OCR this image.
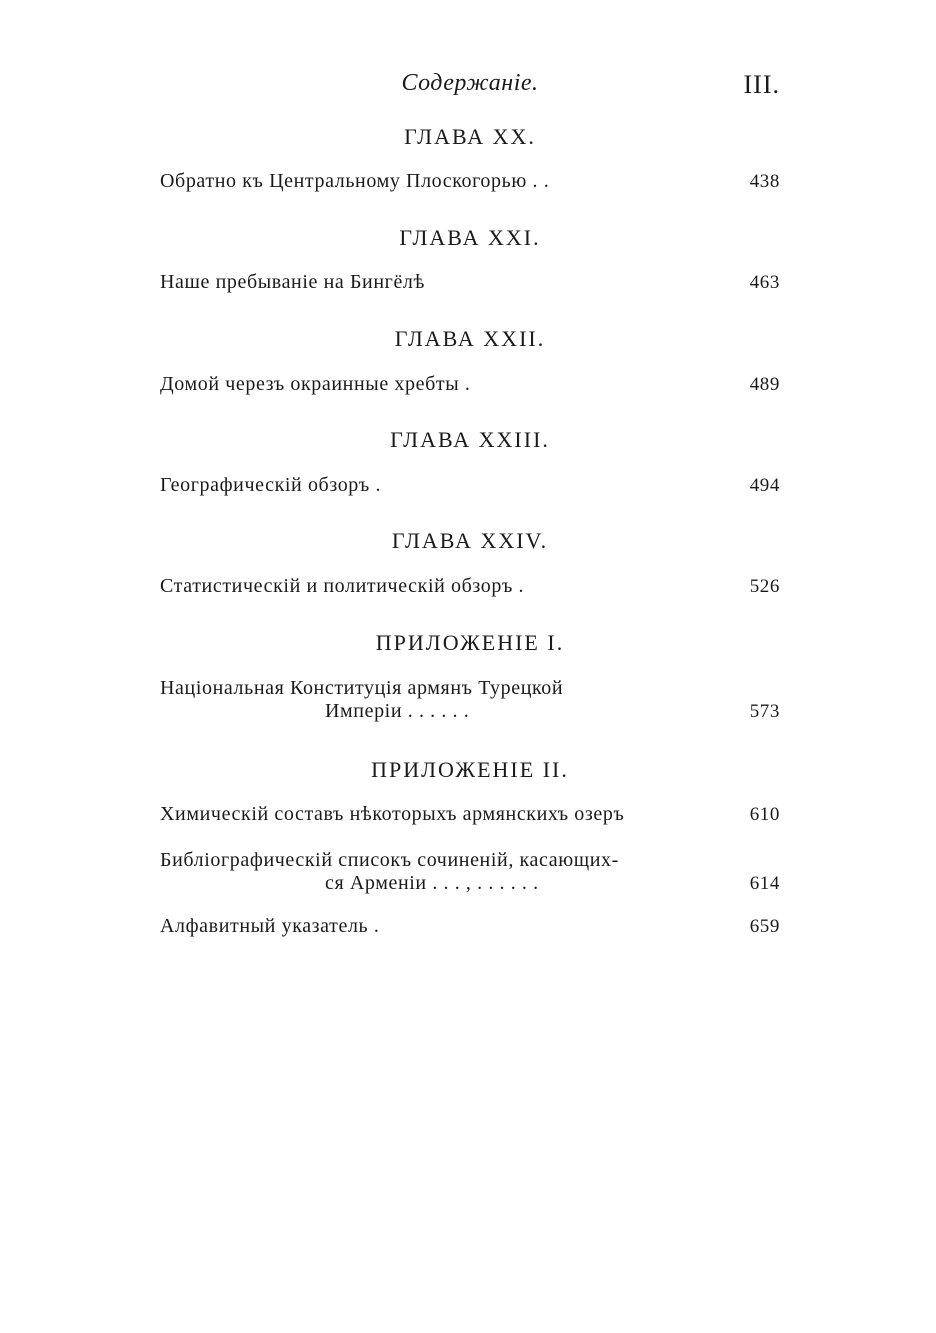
Содержаніе.	III.
ГЛАВА XX.
Обратно къ Центральному Плоскогорью . .	438
ГЛАВА XXI.
Наше пребываніе на Бингёлѣ	463
ГЛАВА XXII.
Домой черезъ окраинные хребты .	489
ГЛАВА XXIII.
Географическій обзоръ .	494
ГЛАВА XXIV.
Статистическій и политическій обзоръ .	526
ПРИЛОЖЕНІЕ I.
Національная Конституція армянъ Турецкой
Имперіи . . . . . .	573
ПРИЛОЖЕНІЕ II.
Химическій составъ нѣкоторыхъ армянскихъ озеръ	610
Библіографическій списокъ сочиненій, касающих-
ся Арменіи . . . , . . . . . .	614
Алфавитный указатель .	659
